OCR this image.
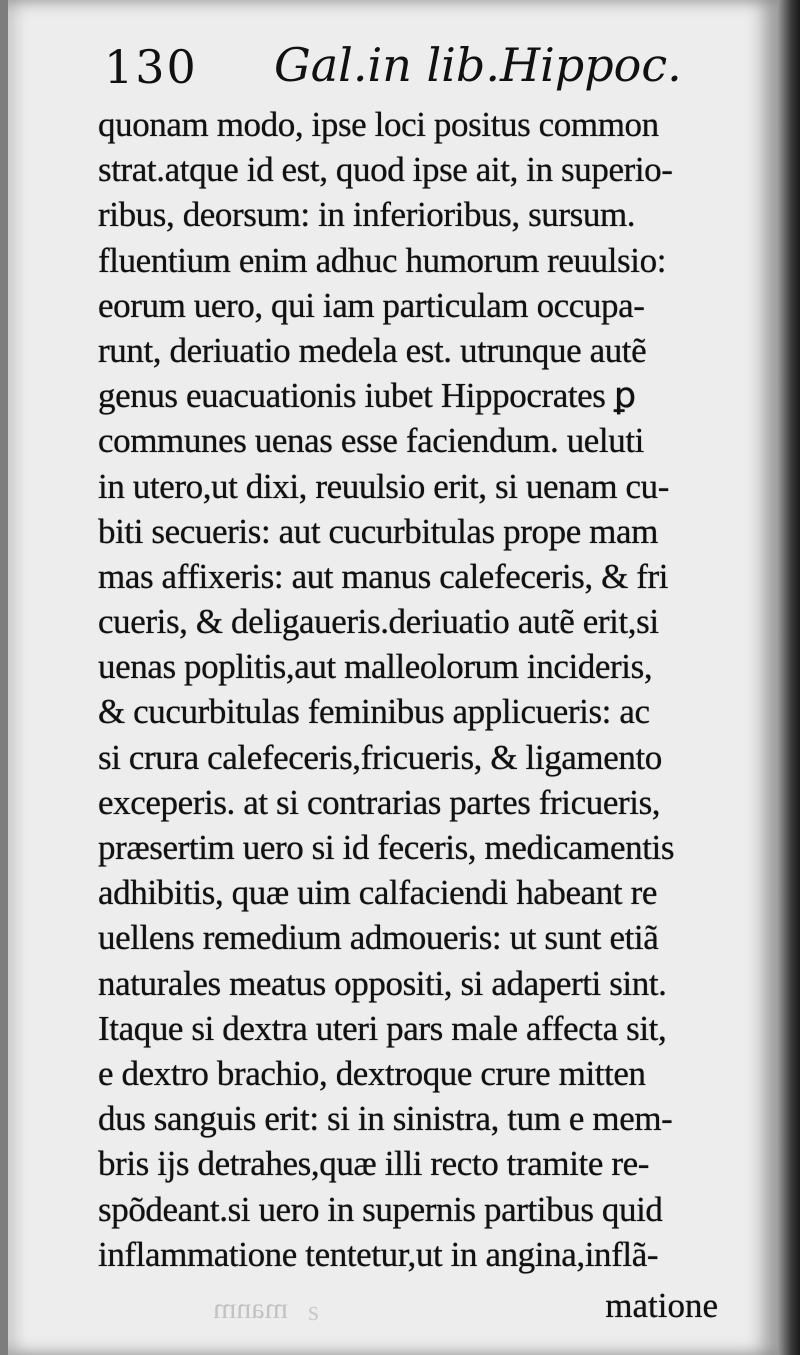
130 Gal.in lib.Hippoc.
quonam modo, ipse loci positus common
strat.atque id est, quod ipse ait, in superio-
ribus, deorsum: in inferioribus, sursum.
fluentium enim adhuc humorum reuulsio:
eorum uero, qui iam particulam occupa-
runt, deriuatio medela est. utrunque autẽ
genus euacuationis iubet Hippocrates ꝑ
communes uenas esse faciendum. ueluti
in utero,ut dixi, reuulsio erit, si uenam cu-
biti secueris: aut cucurbitulas prope mam
mas affixeris: aut manus calefeceris, & fri
cueris, & deligaueris.deriuatio autẽ erit,si
uenas poplitis,aut malleolorum incideris,
& cucurbitulas feminibus applicueris: ac
si crura calefeceris,fricueris, & ligamento
exceperis. at si contrarias partes fricueris,
præsertim uero si id feceris, medicamentis
adhibitis, quæ uim calfaciendi habeant re
uellens remedium admoueris: ut sunt etiã
naturales meatus oppositi, si adaperti sint.
Itaque si dextra uteri pars male affecta sit,
e dextro brachio, dextroque crure mitten
dus sanguis erit: si in sinistra, tum e mem-
bris ijs detrahes,quæ illi recto tramite re-
spõdeant.si uero in supernis partibus quid
inflammatione tentetur,ut in angina,inflã-
manm s	matione
